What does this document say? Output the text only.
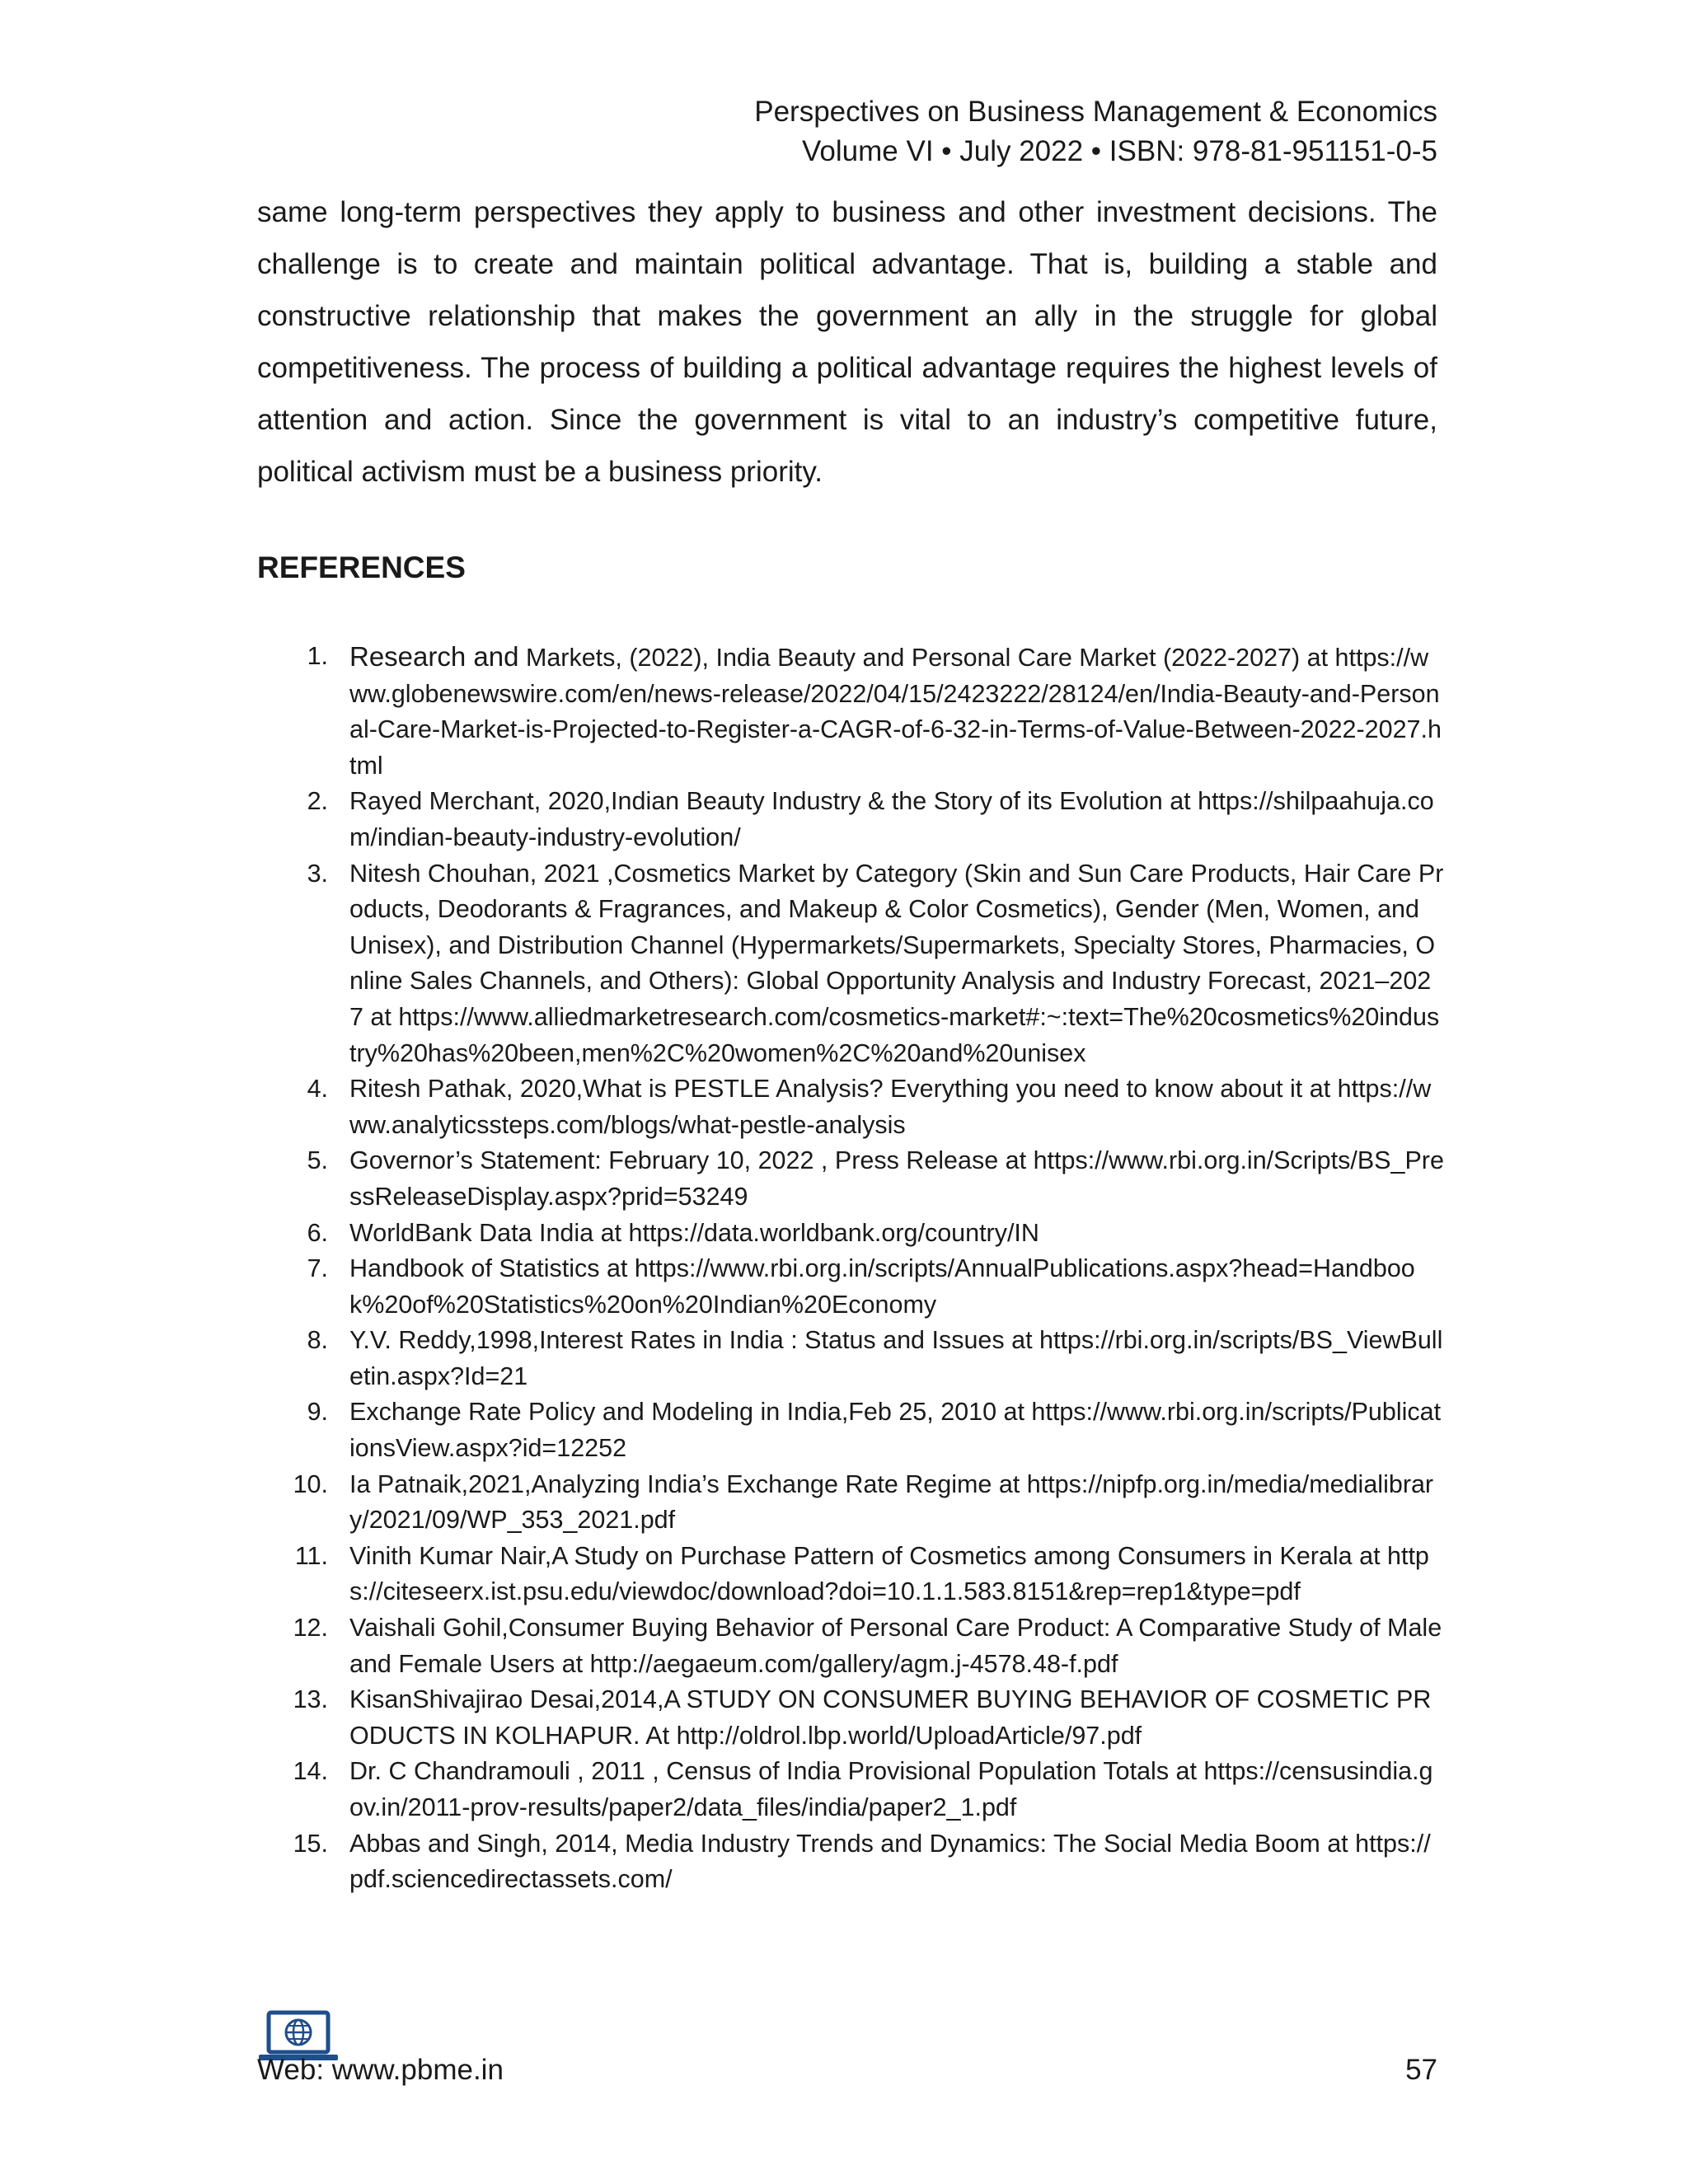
Perspectives on Business Management & Economics
Volume VI • July 2022 • ISBN: 978-81-951151-0-5

same long-term perspectives they apply to business and other investment decisions. The challenge is to create and maintain political advantage. That is, building a stable and constructive relationship that makes the government an ally in the struggle for global competitiveness. The process of building a political advantage requires the highest levels of attention and action. Since the government is vital to an industry’s competitive future, political activism must be a business priority.

REFERENCES
1. Research and Markets, (2022), India Beauty and Personal Care Market (2022-2027) at https://www.globenewswire.com/en/news-release/2022/04/15/2423222/28124/en/India-Beauty-and-Personal-Care-Market-is-Projected-to-Register-a-CAGR-of-6-32-in-Terms-of-Value-Between-2022-2027.html
2. Rayed Merchant, 2020,Indian Beauty Industry & the Story of its Evolution at https://shilpaahuja.com/indian-beauty-industry-evolution/
3. Nitesh Chouhan, 2021 ,Cosmetics Market by Category (Skin and Sun Care Products, Hair Care Products, Deodorants & Fragrances, and Makeup & Color Cosmetics), Gender (Men, Women, and Unisex), and Distribution Channel (Hypermarkets/Supermarkets, Specialty Stores, Pharmacies, Online Sales Channels, and Others): Global Opportunity Analysis and Industry Forecast, 2021–2027 at https://www.alliedmarketresearch.com/cosmetics-market#:~:text=The%20cosmetics%20industry%20has%20been,men%2C%20women%2C%20and%20unisex
4. Ritesh Pathak, 2020,What is PESTLE Analysis? Everything you need to know about it at https://www.analyticssteps.com/blogs/what-pestle-analysis
5. Governor’s Statement: February 10, 2022 , Press Release at https://www.rbi.org.in/Scripts/BS_PressReleaseDisplay.aspx?prid=53249
6. WorldBank Data India at https://data.worldbank.org/country/IN
7. Handbook of Statistics at https://www.rbi.org.in/scripts/AnnualPublications.aspx?head=Handbook%20of%20Statistics%20on%20Indian%20Economy
8. Y.V. Reddy,1998,Interest Rates in India : Status and Issues at https://rbi.org.in/scripts/BS_ViewBulletin.aspx?Id=21
9. Exchange Rate Policy and Modeling in India,Feb 25, 2010 at https://www.rbi.org.in/scripts/PublicationsView.aspx?id=12252
10. Ia Patnaik,2021,Analyzing India’s Exchange Rate Regime at https://nipfp.org.in/media/medialibrary/2021/09/WP_353_2021.pdf
11. Vinith Kumar Nair,A Study on Purchase Pattern of Cosmetics among Consumers in Kerala at https://citeseerx.ist.psu.edu/viewdoc/download?doi=10.1.1.583.8151&rep=rep1&type=pdf
12. Vaishali Gohil,Consumer Buying Behavior of Personal Care Product: A Comparative Study of Male and Female Users at http://aegaeum.com/gallery/agm.j-4578.48-f.pdf
13. KisanShivajirao Desai,2014,A STUDY ON CONSUMER BUYING BEHAVIOR OF COSMETIC PRODUCTS IN KOLHAPUR. At http://oldrol.lbp.world/UploadArticle/97.pdf
14. Dr. C Chandramouli , 2011 , Census of India Provisional Population Totals at https://censusindia.gov.in/2011-prov-results/paper2/data_files/india/paper2_1.pdf
15. Abbas and Singh, 2014, Media Industry Trends and Dynamics: The Social Media Boom at https://pdf.sciencedirectassets.com/
Web: www.pbme.in	57
